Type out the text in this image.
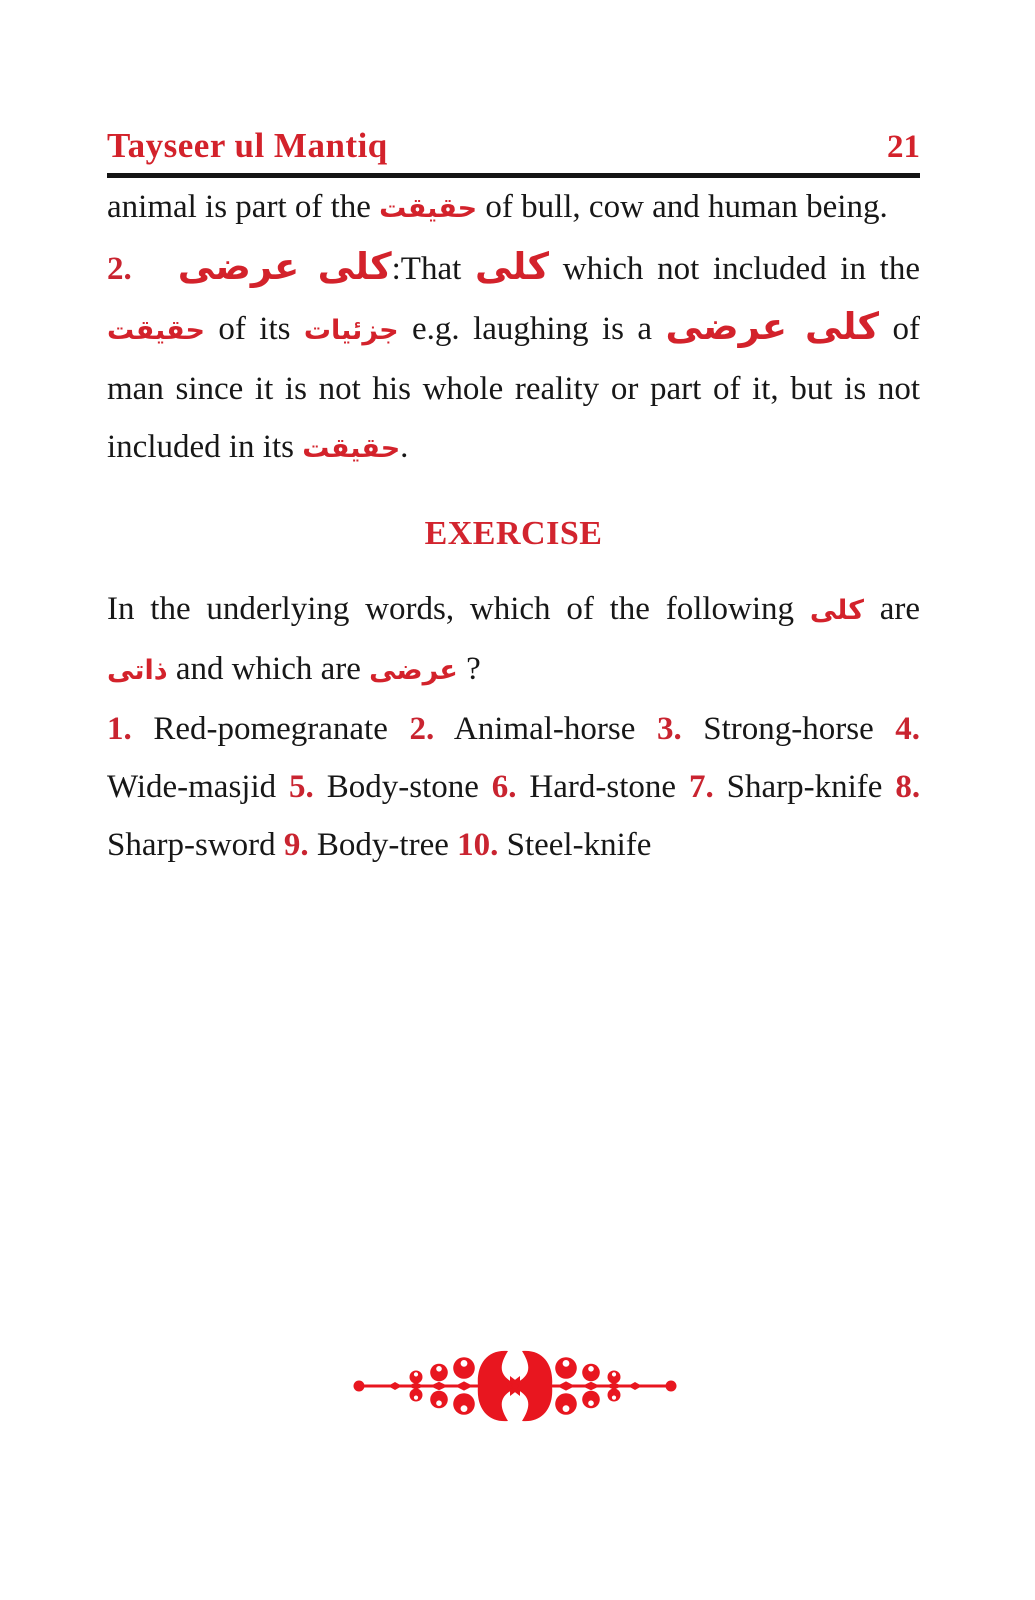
Tayseer ul Mantiq	21

animal is part of the حقیقت of bull, cow and human being.

2. کلی عرضی:That کلی which not included in the حقیقت of its جزئیات e.g. laughing is a کلی عرضی of man since it is not his whole reality or part of it, but is not included in its حقیقت.

EXERCISE

In the underlying words, which of the following کلی are ذاتی and which are عرضی ?

1. Red-pomegranate 2. Animal-horse 3. Strong-horse 4. Wide-masjid 5. Body-stone 6. Hard-stone 7. Sharp-knife 8. Sharp-sword 9. Body-tree 10. Steel-knife
